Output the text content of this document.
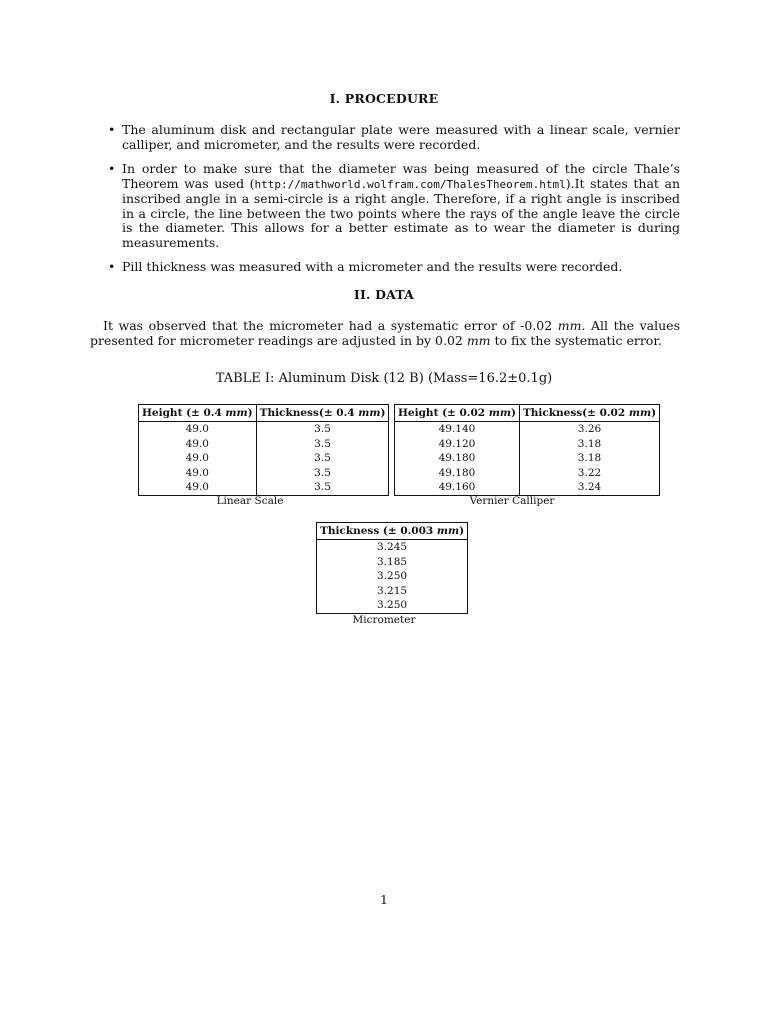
I. PROCEDURE
• The aluminum disk and rectangular plate were measured with a linear scale, vernier calliper, and micrometer, and the results were recorded.
• In order to make sure that the diameter was being measured of the circle Thale’s Theorem was used (http://mathworld.wolfram.com/ThalesTheorem.html).It states that an inscribed angle in a semi-circle is a right angle. Therefore, if a right angle is inscribed in a circle, the line between the two points where the rays of the angle leave the circle is the diameter. This allows for a better estimate as to wear the diameter is during measurements.
• Pill thickness was measured with a micrometer and the results were recorded.
II. DATA

It was observed that the micrometer had a systematic error of -0.02 mm. All the values presented for micrometer readings are adjusted in by 0.02 mm to fix the systematic error.

TABLE I: Aluminum Disk (12 B) (Mass=16.2±0.1g)
Height (± 0.4 mm)	Thickness(± 0.4 mm)
49.0	3.5
49.0	3.5
49.0	3.5
49.0	3.5
49.0	3.5
Linear Scale
Height (± 0.02 mm)	Thickness(± 0.02 mm)
49.140	3.26
49.120	3.18
49.180	3.18
49.180	3.22
49.160	3.24
Vernier Calliper
Thickness (± 0.003 mm)
3.245
3.185
3.250
3.215
3.250
Micrometer
1
